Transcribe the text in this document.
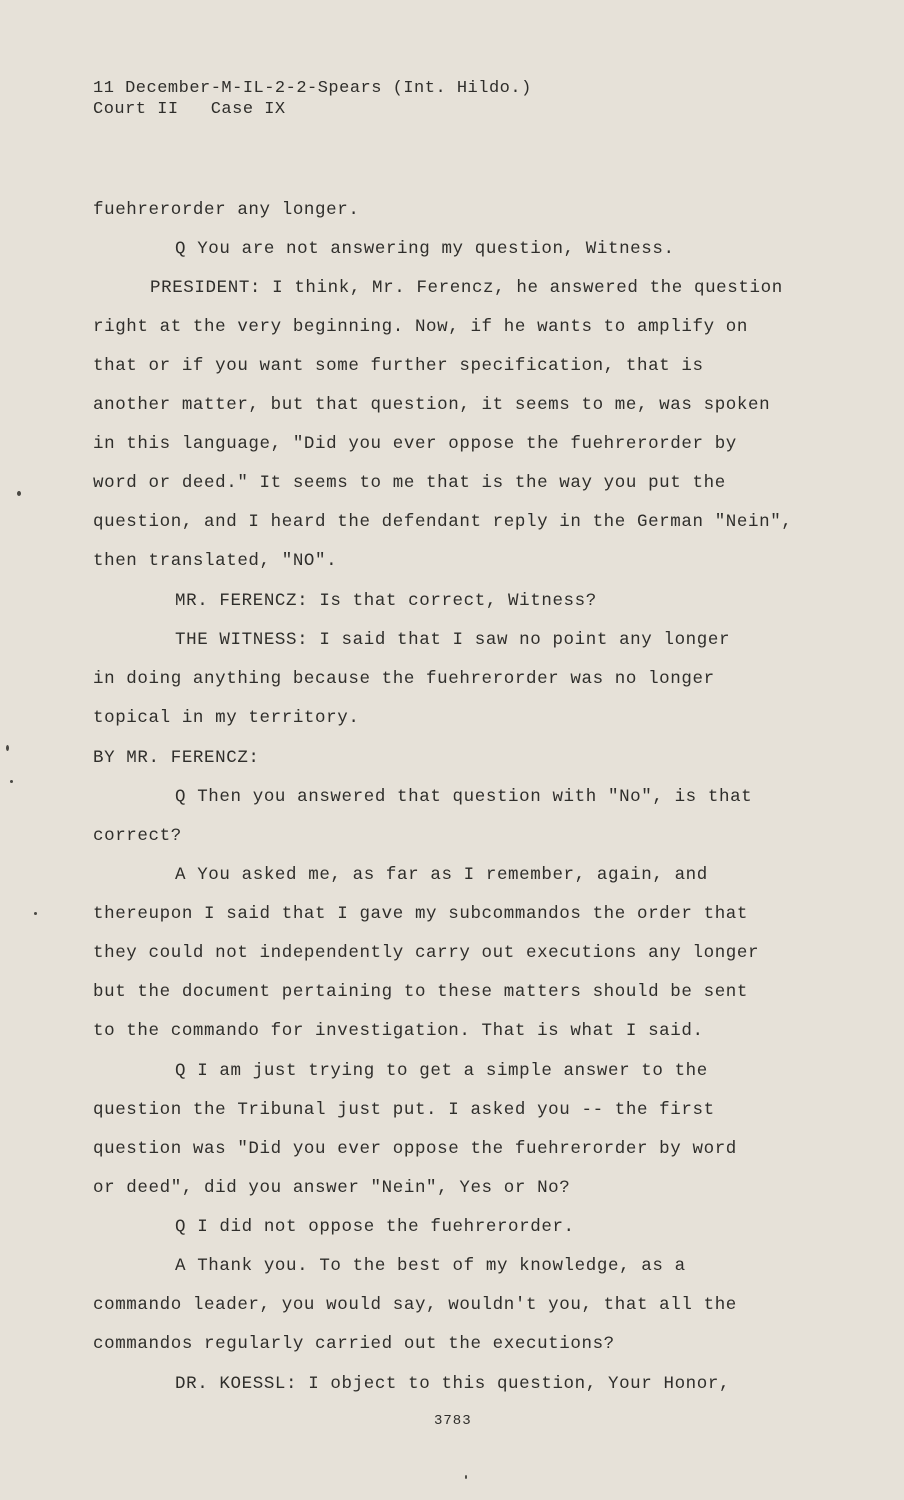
11 December-M-IL-2-2-Spears (Int. Hildo.)
Court II   Case IX
fuehrerorder any longer.
Q You are not answering my question, Witness.
PRESIDENT: I think, Mr. Ferencz, he answered the question
right at the very beginning. Now, if he wants to amplify on
that or if you want some further specification, that is
another matter, but that question, it seems to me, was spoken
in this language, "Did you ever oppose the fuehrerorder by
word or deed." It seems to me that is the way you put the
question, and I heard the defendant reply in the German "Nein",
then translated, "NO".
MR. FERENCZ: Is that correct, Witness?
THE WITNESS: I said that I saw no point any longer
in doing anything because the fuehrerorder was no longer
topical in my territory.
BY MR. FERENCZ:
Q Then you answered that question with "No", is that
correct?
A You asked me, as far as I remember, again, and
thereupon I said that I gave my subcommandos the order that
they could not independently carry out executions any longer
but the document pertaining to these matters should be sent
to the commando for investigation. That is what I said.
Q I am just trying to get a simple answer to the
question the Tribunal just put. I asked you -- the first
question was "Did you ever oppose the fuehrerorder by word
or deed", did you answer "Nein", Yes or No?
Q I did not oppose the fuehrerorder.
A Thank you. To the best of my knowledge, as a
commando leader, you would say, wouldn't you, that all the
commandos regularly carried out the executions?
DR. KOESSL: I object to this question, Your Honor,
3783
